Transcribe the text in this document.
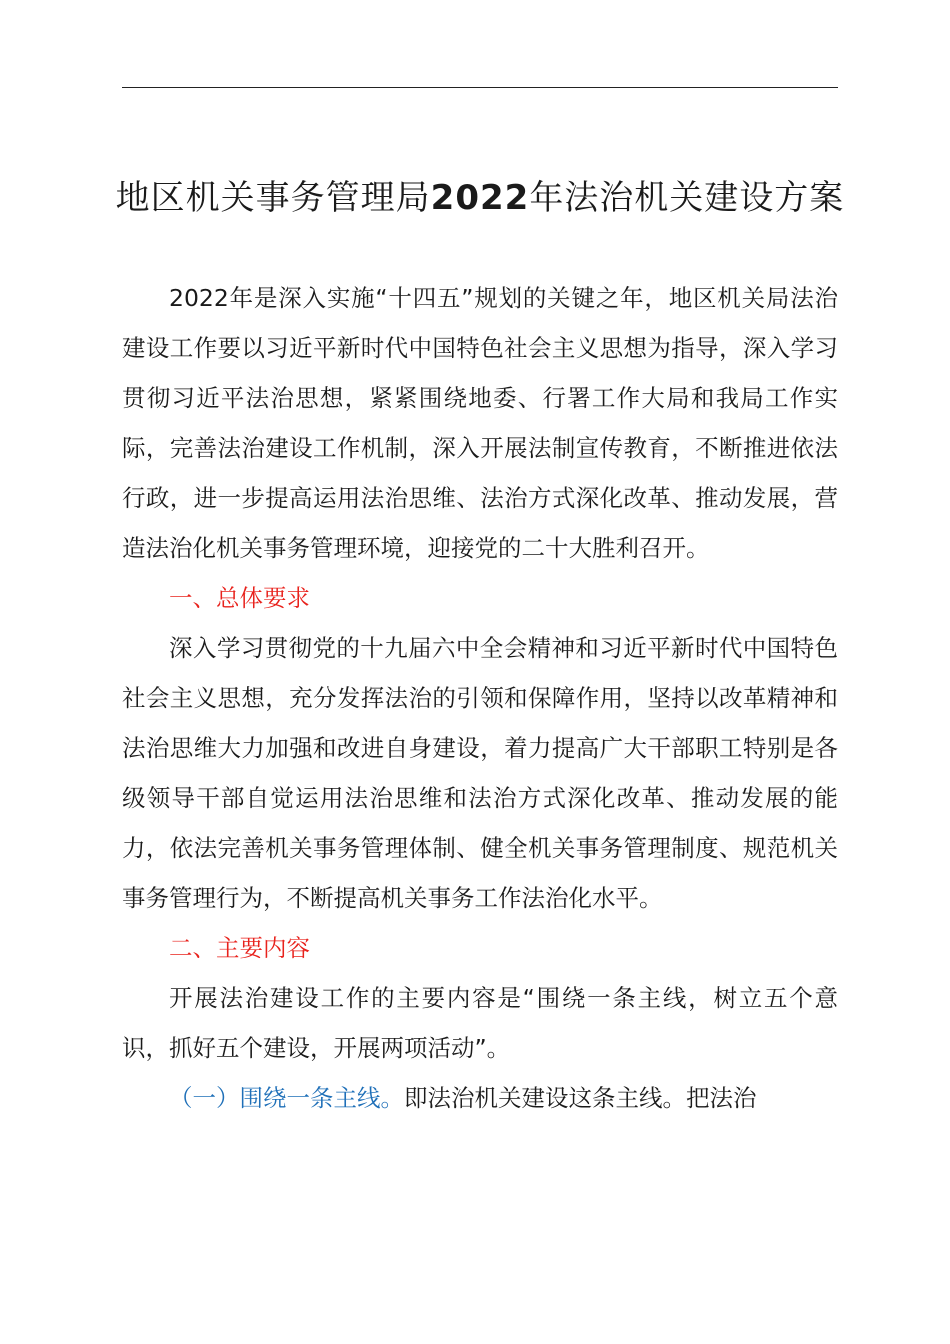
地区机关事务管理局2022年法治机关建设方案

2022年是深入实施“十四五”规划的关键之年，地区机关局法治建设工作要以习近平新时代中国特色社会主义思想为指导，深入学习贯彻习近平法治思想，紧紧围绕地委、行署工作大局和我局工作实际，完善法治建设工作机制，深入开展法制宣传教育，不断推进依法行政，进一步提高运用法治思维、法治方式深化改革、推动发展，营造法治化机关事务管理环境，迎接党的二十大胜利召开。

一、总体要求

深入学习贯彻党的十九届六中全会精神和习近平新时代中国特色社会主义思想，充分发挥法治的引领和保障作用，坚持以改革精神和法治思维大力加强和改进自身建设，着力提高广大干部职工特别是各级领导干部自觉运用法治思维和法治方式深化改革、推动发展的能力，依法完善机关事务管理体制、健全机关事务管理制度、规范机关事务管理行为，不断提高机关事务工作法治化水平。

二、主要内容

开展法治建设工作的主要内容是“围绕一条主线，树立五个意识，抓好五个建设，开展两项活动”。

（一）围绕一条主线。即法治机关建设这条主线。把法治
